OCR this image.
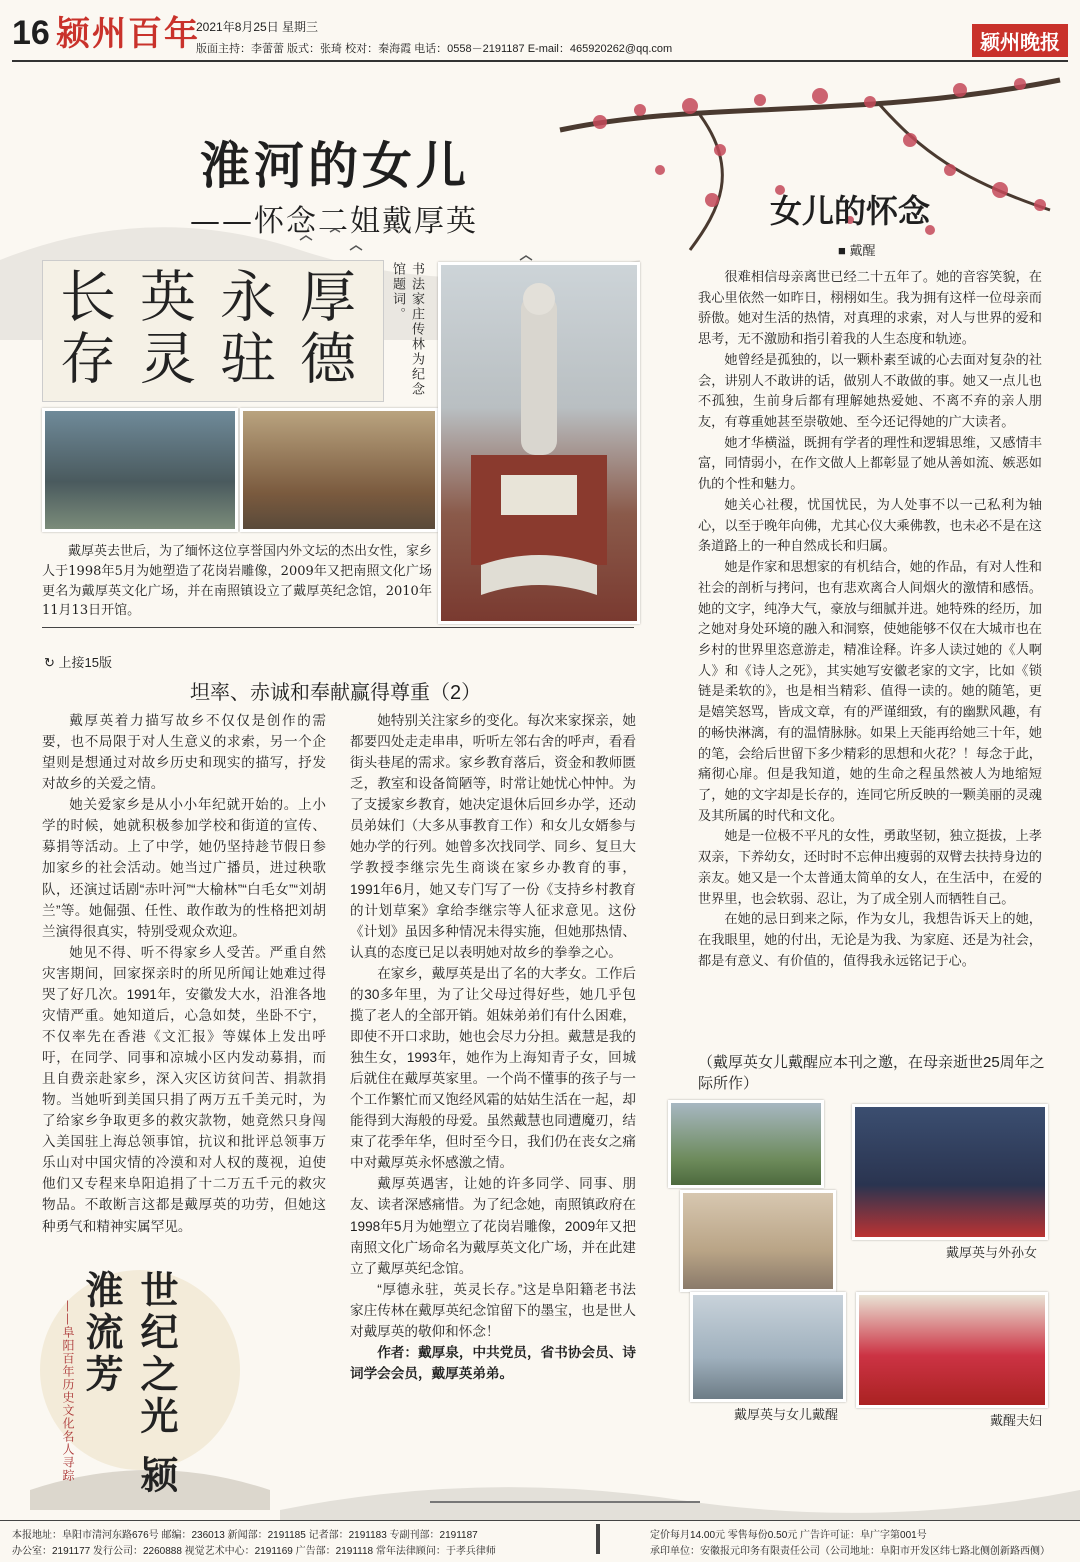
16 颍州百年
2021年8月25日 星期三
版面主持：李蕾蕾 版式：张琦 校对：秦海霞 电话：0558－2191187 E-mail：465920262@qq.com	颍州晚报
淮河的女儿
——怀念二姐戴厚英
厚德
永驻
英灵
长存	书法家庄传林为纪念馆题词。
戴厚英去世后，为了缅怀这位享誉国内外文坛的杰出女性，家乡人于1998年5月为她塑造了花岗岩雕像，2009年又把南照文化广场更名为戴厚英文化广场，并在南照镇设立了戴厚英纪念馆，2010年11月13日开馆。
↻ 上接15版
坦率、赤诚和奉献赢得尊重（2）

戴厚英着力描写故乡不仅仅是创作的需要，也不局限于对人生意义的求索，另一个企望则是想通过对故乡历史和现实的描写，抒发对故乡的关爱之情。

她关爱家乡是从小小年纪就开始的。上小学的时候，她就积极参加学校和街道的宣传、募捐等活动。上了中学，她仍坚持趁节假日参加家乡的社会活动。她当过广播员，进过秧歌队，还演过话剧“赤叶河”“大榆林”“白毛女”“刘胡兰”等。她倔强、任性、敢作敢为的性格把刘胡兰演得很真实，特别受观众欢迎。

她见不得、听不得家乡人受苦。严重自然灾害期间，回家探亲时的所见所闻让她难过得哭了好几次。1991年，安徽发大水，沿淮各地灾情严重。她知道后，心急如焚，坐卧不宁，不仅率先在香港《文汇报》等媒体上发出呼吁，在同学、同事和凉城小区内发动募捐，而且自费亲赴家乡，深入灾区访贫问苦、捐款捐物。当她听到美国只捐了两万五千美元时，为了给家乡争取更多的救灾款物，她竟然只身闯入美国驻上海总领事馆，抗议和批评总领事万乐山对中国灾情的冷漠和对人权的蔑视，迫使他们又专程来阜阳追捐了十二万五千元的救灾物品。不敢断言这都是戴厚英的功劳，但她这种勇气和精神实属罕见。

她特别关注家乡的变化。每次来家探亲，她都要四处走走串串，听听左邻右舍的呼声，看看街头巷尾的需求。家乡教育落后，资金和教师匮乏，教室和设备简陋等，时常让她忧心忡忡。为了支援家乡教育，她决定退休后回乡办学，还动员弟妹们（大多从事教育工作）和女儿女婿参与她办学的行列。她曾多次找同学、同乡、复旦大学教授李继宗先生商谈在家乡办教育的事，1991年6月，她又专门写了一份《支持乡村教育的计划草案》拿给李继宗等人征求意见。这份《计划》虽因多种情况未得实施，但她那热情、认真的态度已足以表明她对故乡的拳拳之心。

在家乡，戴厚英是出了名的大孝女。工作后的30多年里，为了让父母过得好些，她几乎包揽了老人的全部开销。姐妹弟弟们有什么困难，即使不开口求助，她也会尽力分担。戴慧是我的独生女，1993年，她作为上海知青子女，回城后就住在戴厚英家里。一个尚不懂事的孩子与一个工作繁忙而又饱经风霜的姑姑生活在一起，却能得到大海般的母爱。虽然戴慧也同遭魔刃，结束了花季年华，但时至今日，我们仍在丧女之痛中对戴厚英永怀感激之情。

戴厚英遇害，让她的许多同学、同事、朋友、读者深感痛惜。为了纪念她，南照镇政府在1998年5月为她塑立了花岗岩雕像，2009年又把南照文化广场命名为戴厚英文化广场，并在此建立了戴厚英纪念馆。

“厚德永驻，英灵长存。”这是阜阳籍老书法家庄传林在戴厚英纪念馆留下的墨宝，也是世人对戴厚英的敬仰和怀念！

作者：戴厚泉，中共党员，省书协会员、诗词学会会员，戴厚英弟弟。

世纪之光 颍淮流芳
——阜阳百年历史文化名人寻踪
女儿的怀念
■ 戴醒

很难相信母亲离世已经二十五年了。她的音容笑貌，在我心里依然一如昨日，栩栩如生。我为拥有这样一位母亲而骄傲。她对生活的热情，对真理的求索，对人与世界的爱和思考，无不激励和指引着我的人生态度和轨迹。

她曾经是孤独的，以一颗朴素至诚的心去面对复杂的社会，讲别人不敢讲的话，做别人不敢做的事。她又一点儿也不孤独，生前身后都有理解她热爱她、不离不弃的亲人朋友，有尊重她甚至崇敬她、至今还记得她的广大读者。

她才华横溢，既拥有学者的理性和逻辑思维，又感情丰富，同情弱小，在作文做人上都彰显了她从善如流、嫉恶如仇的个性和魅力。

她关心社稷，忧国忧民，为人处事不以一己私利为轴心，以至于晚年向佛，尤其心仪大乘佛教，也未必不是在这条道路上的一种自然成长和归属。

她是作家和思想家的有机结合，她的作品，有对人性和社会的剖析与拷问，也有悲欢离合人间烟火的激情和感悟。她的文字，纯净大气，豪放与细腻并进。她特殊的经历，加之她对身处环境的融入和洞察，使她能够不仅在大城市也在乡村的世界里恣意游走，精准诠释。许多人读过她的《人啊人》和《诗人之死》，其实她写安徽老家的文字，比如《锁链是柔软的》，也是相当精彩、值得一读的。她的随笔，更是嬉笑怒骂，皆成文章，有的严谨细致，有的幽默风趣，有的畅快淋漓，有的温情脉脉。如果上天能再给她三十年，她的笔，会给后世留下多少精彩的思想和火花？！每念于此，痛彻心扉。但是我知道，她的生命之程虽然被人为地缩短了，她的文字却是长存的，连同它所反映的一颗美丽的灵魂及其所属的时代和文化。

她是一位极不平凡的女性，勇敢坚韧，独立挺拔，上孝双亲，下养幼女，还时时不忘伸出瘦弱的双臂去扶持身边的亲友。她又是一个太普通太简单的女人，在生活中，在爱的世界里，也会软弱、忍让，为了成全别人而牺牲自己。

在她的忌日到来之际，作为女儿，我想告诉天上的她，在我眼里，她的付出，无论是为我、为家庭、还是为社会，都是有意义、有价值的，值得我永远铭记于心。

（戴厚英女儿戴醒应本刊之邀，在母亲逝世25周年之际所作）
戴厚英与外孙女
戴厚英与女儿戴醒	戴醒夫妇
本报地址：阜阳市清河东路676号 邮编：236013 新闻部：2191185 记者部：2191183 专副刊部：2191187
办公室：2191177 发行公司：2260888 视觉艺术中心：2191169 广告部：2191118 常年法律顾问：于孝兵律师
定价每月14.00元 零售每份0.50元 广告许可证：阜广字第001号
承印单位：安徽报元印务有限责任公司（公司地址：阜阳市开发区纬七路北侧创新路西侧）
